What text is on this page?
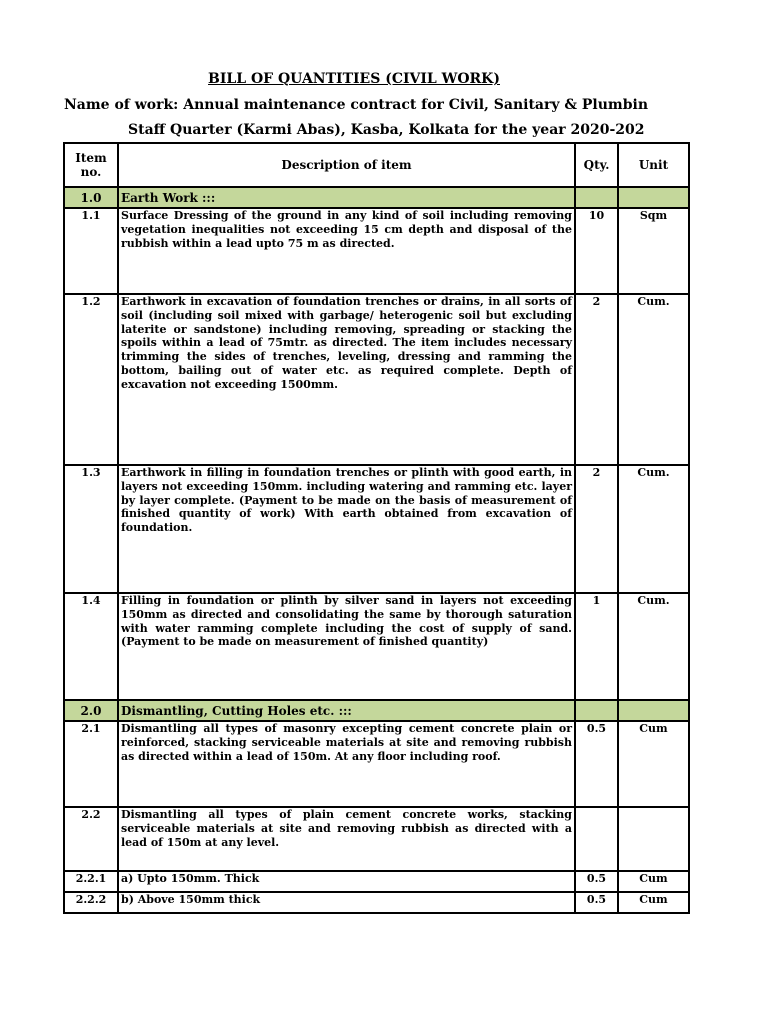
BILL OF QUANTITIES (CIVIL WORK)
Name of work: Annual maintenance contract for Civil, Sanitary & Plumbin
Staff Quarter (Karmi Abas), Kasba, Kolkata for the year 2020-202
Item no.	Description of item	Qty.	Unit
1.0	Earth Work :::		
1.1	Surface Dressing of the ground in any kind of soil including removing vegetation inequalities not exceeding 15 cm depth and disposal of the rubbish within a lead upto 75 m as directed.	10	Sqm
1.2	Earthwork in excavation of foundation trenches or drains, in all sorts of soil (including soil mixed with garbage/ heterogenic soil but excluding laterite or sandstone) including removing, spreading or stacking the spoils within a lead of 75mtr. as directed. The item includes necessary trimming the sides of trenches, leveling, dressing and ramming the bottom, bailing out of water etc. as required complete. Depth of excavation not exceeding 1500mm.	2	Cum.
1.3	Earthwork in filling in foundation trenches or plinth with good earth, in layers not exceeding 150mm. including watering and ramming etc. layer by layer complete. (Payment to be made on the basis of measurement of finished quantity of work) With earth obtained from excavation of foundation.	2	Cum.
1.4	Filling in foundation or plinth by silver sand in layers not exceeding 150mm as directed and consolidating the same by thorough saturation with water ramming complete including the cost of supply of sand. (Payment to be made on measurement of finished quantity)	1	Cum.
2.0	Dismantling, Cutting Holes etc. :::		
2.1	Dismantling all types of masonry excepting cement concrete plain or reinforced, stacking serviceable materials at site and removing rubbish as directed within a lead of 150m. At any floor including roof.	0.5	Cum
2.2	Dismantling all types of plain cement concrete works, stacking serviceable materials at site and removing rubbish as directed with a lead of 150m at any level.		
2.2.1	a) Upto 150mm. Thick	0.5	Cum
2.2.2	b) Above 150mm thick	0.5	Cum
